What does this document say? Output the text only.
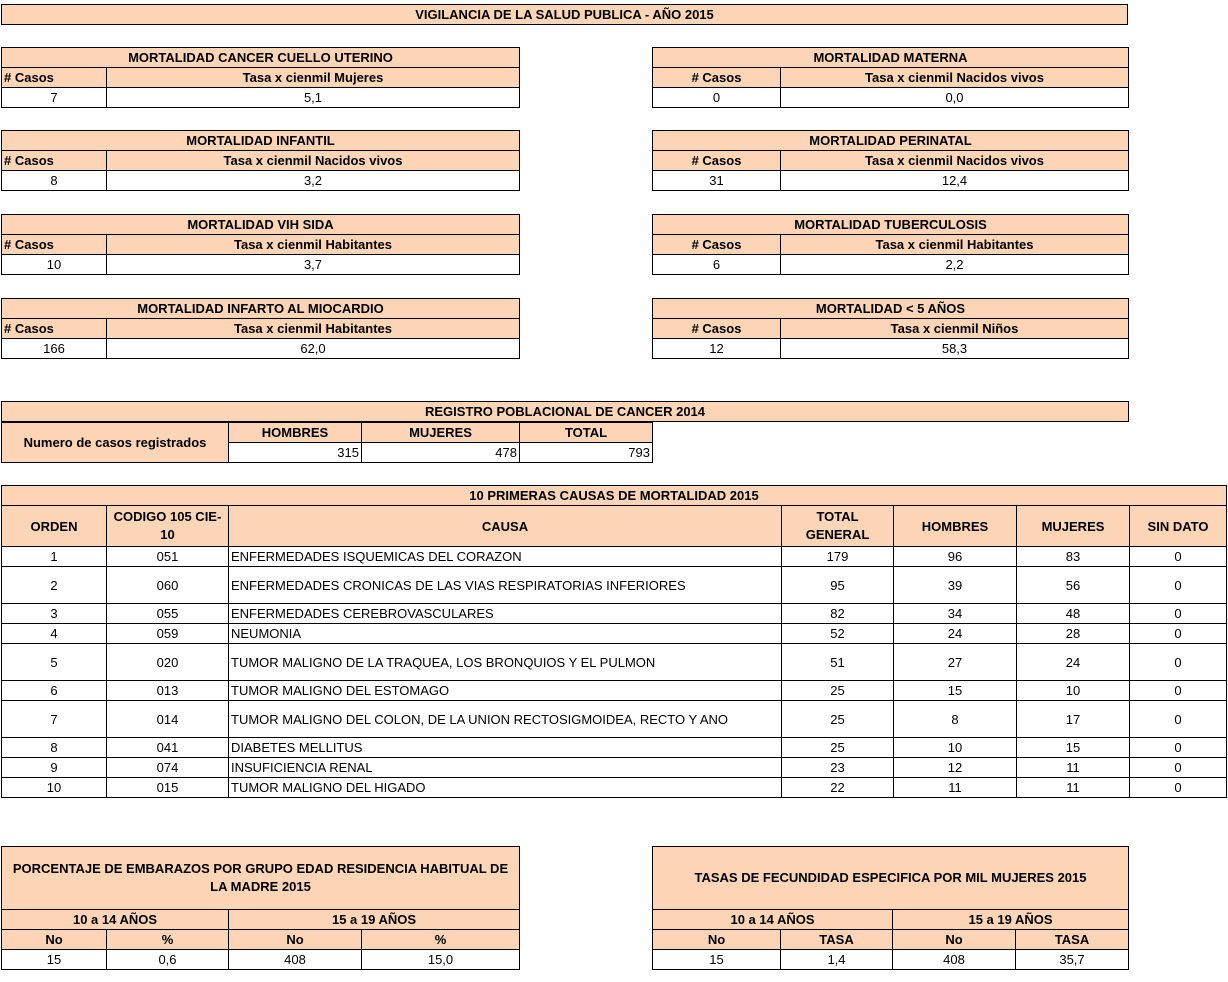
VIGILANCIA DE LA SALUD PUBLICA - AÑO 2015
MORTALIDAD CANCER CUELLO UTERINO	
# Casos	Tasa x cienmil Mujeres
7	5,1
MORTALIDAD INFANTIL	
# Casos	Tasa x cienmil Nacidos vivos
8	3,2
MORTALIDAD VIH SIDA	
# Casos	Tasa x cienmil Habitantes
10	3,7
MORTALIDAD INFARTO AL MIOCARDIO	
# Casos	Tasa x cienmil Habitantes
166	62,0
MORTALIDAD MATERNA	
# Casos	Tasa x cienmil Nacidos vivos
0	0,0
MORTALIDAD PERINATAL	
# Casos	Tasa x cienmil Nacidos vivos
31	12,4
MORTALIDAD TUBERCULOSIS	
# Casos	Tasa x cienmil Habitantes
6	2,2
MORTALIDAD < 5 AÑOS	
# Casos	Tasa x cienmil Niños
12	58,3
REGISTRO POBLACIONAL DE CANCER 2014
Numero de casos registrados	HOMBRES	MUJERES	TOTAL
	315	478	793
10 PRIMERAS CAUSAS DE MORTALIDAD 2015						
ORDEN	CODIGO 105 CIE-10	CAUSA	TOTAL GENERAL	HOMBRES	MUJERES	SIN DATO
1	051	ENFERMEDADES ISQUEMICAS DEL CORAZON	179	96	83	0
2	060	ENFERMEDADES CRONICAS DE LAS VIAS RESPIRATORIAS INFERIORES	95	39	56	0
3	055	ENFERMEDADES CEREBROVASCULARES	82	34	48	0
4	059	NEUMONIA	52	24	28	0
5	020	TUMOR MALIGNO DE LA TRAQUEA, LOS BRONQUIOS Y EL PULMON	51	27	24	0
6	013	TUMOR MALIGNO DEL ESTOMAGO	25	15	10	0
7	014	TUMOR MALIGNO DEL COLON, DE LA UNION RECTOSIGMOIDEA, RECTO Y ANO	25	8	17	0
8	041	DIABETES MELLITUS	25	10	15	0
9	074	INSUFICIENCIA RENAL	23	12	11	0
10	015	TUMOR MALIGNO DEL HIGADO	22	11	11	0
PORCENTAJE DE EMBARAZOS POR GRUPO EDAD RESIDENCIA HABITUAL DE LA MADRE 2015			
10 a 14 AÑOS		15 a 19 AÑOS	
No	%	No	%
15	0,6	408	15,0
TASAS DE FECUNDIDAD ESPECIFICA POR MIL MUJERES 2015			
10 a 14 AÑOS		15 a 19 AÑOS	
No	TASA	No	TASA
15	1,4	408	35,7
